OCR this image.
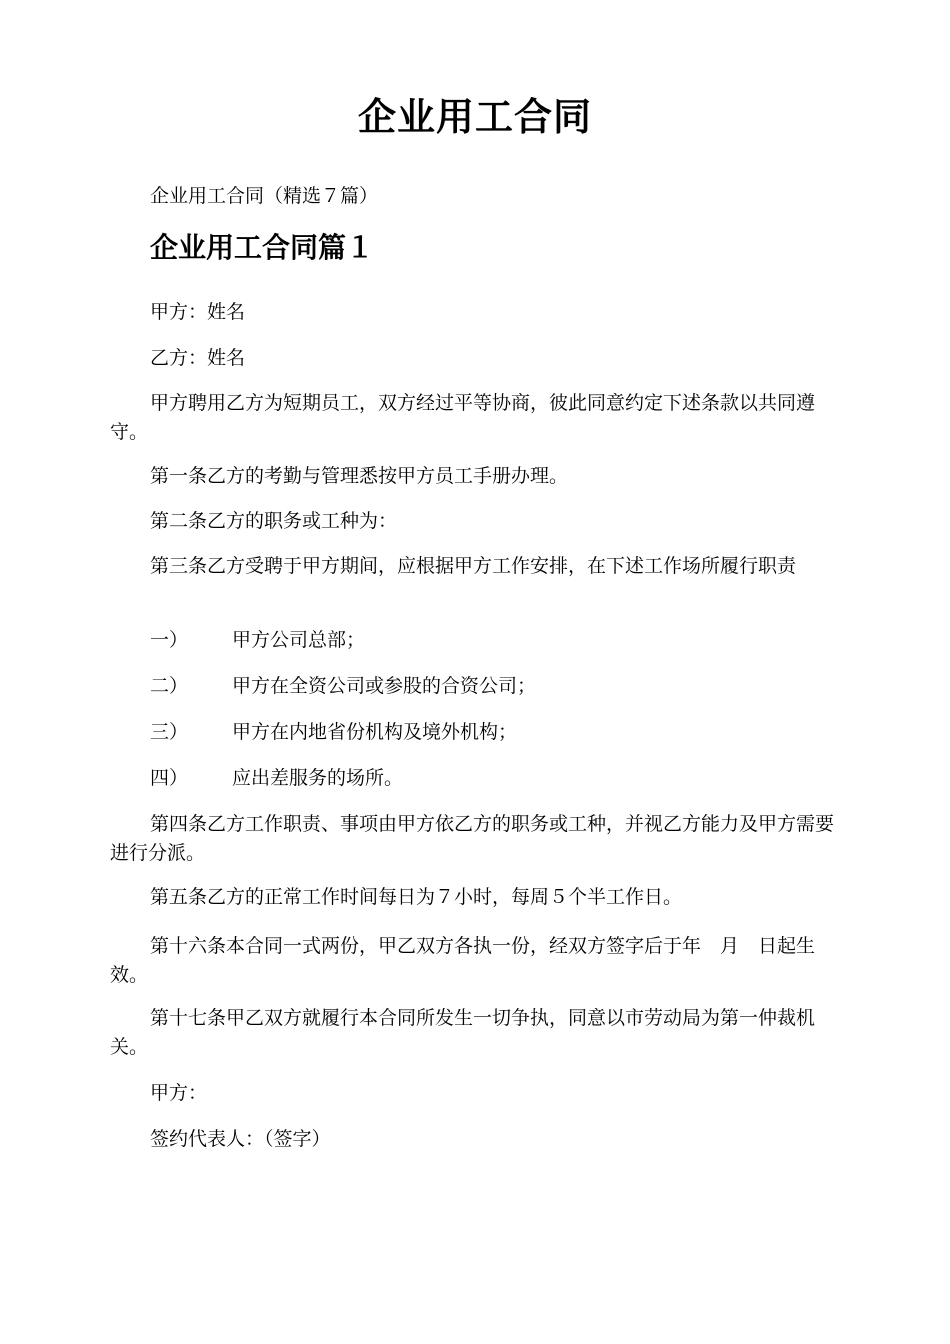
企业用工合同
企业用工合同（精选７篇）
企业用工合同篇１
甲方：姓名
乙方：姓名
甲方聘用乙方为短期员工，双方经过平等协商，彼此同意约定下述条款以共同遵守。
第一条乙方的考勤与管理悉按甲方员工手册办理。
第二条乙方的职务或工种为：
第三条乙方受聘于甲方期间，应根据甲方工作安排，在下述工作场所履行职责
一） 甲方公司总部；
二） 甲方在全资公司或参股的合资公司；
三） 甲方在内地省份机构及境外机构；
四） 应出差服务的场所。
第四条乙方工作职责、事项由甲方依乙方的职务或工种，并视乙方能力及甲方需要进行分派。
第五条乙方的正常工作时间每日为７小时，每周５个半工作日。
第十六条本合同一式两份，甲乙双方各执一份，经双方签字后于年　月　日起生效。
第十七条甲乙双方就履行本合同所发生一切争执，同意以市劳动局为第一仲裁机关。
甲方：
签约代表人：（签字）
